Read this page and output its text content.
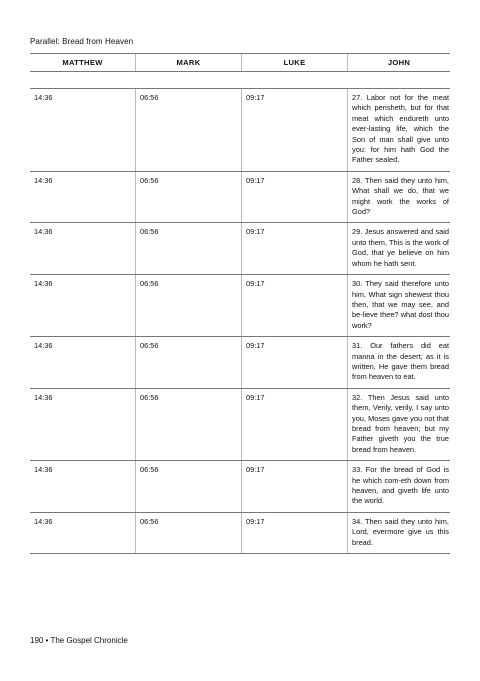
Parallel: Bread from Heaven
MATTHEW	MARK	LUKE	JOHN
14:36	06:56	09:17	27. Labor not for the meat which perisheth, but for that meat which endureth unto ever-lasting life, which the Son of man shall give unto you: for him hath God the Father sealed.
14:36	06:56	09:17	28. Then said they unto him, What shall we do, that we might work the works of God?
14:36	06:56	09:17	29. Jesus answered and said unto them, This is the work of God, that ye believe on him whom he hath sent.
14:36	06:56	09:17	30. They said therefore unto him, What sign shewest thou then, that we may see, and be-lieve thee? what dost thou work?
14:36	06:56	09:17	31. Our fathers did eat manna in the desert; as it is written, He gave them bread from heaven to eat.
14:36	06:56	09:17	32. Then Jesus said unto them, Verily, verily, I say unto you, Moses gave you not that bread from heaven; but my Father giveth you the true bread from heaven.
14:36	06:56	09:17	33. For the bread of God is he which com-eth down from heaven, and giveth life unto the world.
14:36	06:56	09:17	34. Then said they unto him, Lord, evermore give us this bread.
190 • The Gospel Chronicle
